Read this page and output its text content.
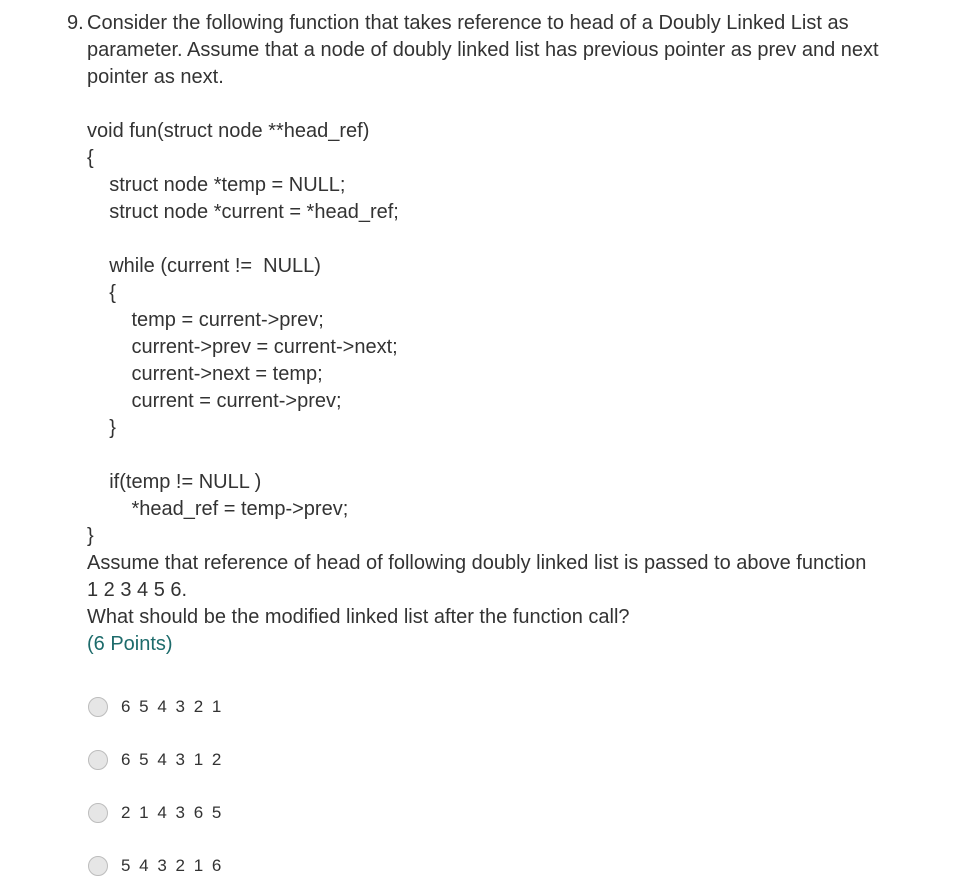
9. Consider the following function that takes reference to head of a Doubly Linked List as
parameter. Assume that a node of doubly linked list has previous pointer as prev and next
pointer as next.
void fun(struct node **head_ref)
{
struct node *temp = NULL;
struct node *current = *head_ref;
while (current !=  NULL)
{
temp = current->prev;
current->prev = current->next;
current->next = temp;
current = current->prev;
}
if(temp != NULL )
*head_ref = temp->prev;
}
Assume that reference of head of following doubly linked list is passed to above function
1 2 3 4 5 6.
What should be the modified linked list after the function call?
(6 Points)
6 5 4 3 2 1
6 5 4 3 1 2
2 1 4 3 6 5
5 4 3 2 1 6
